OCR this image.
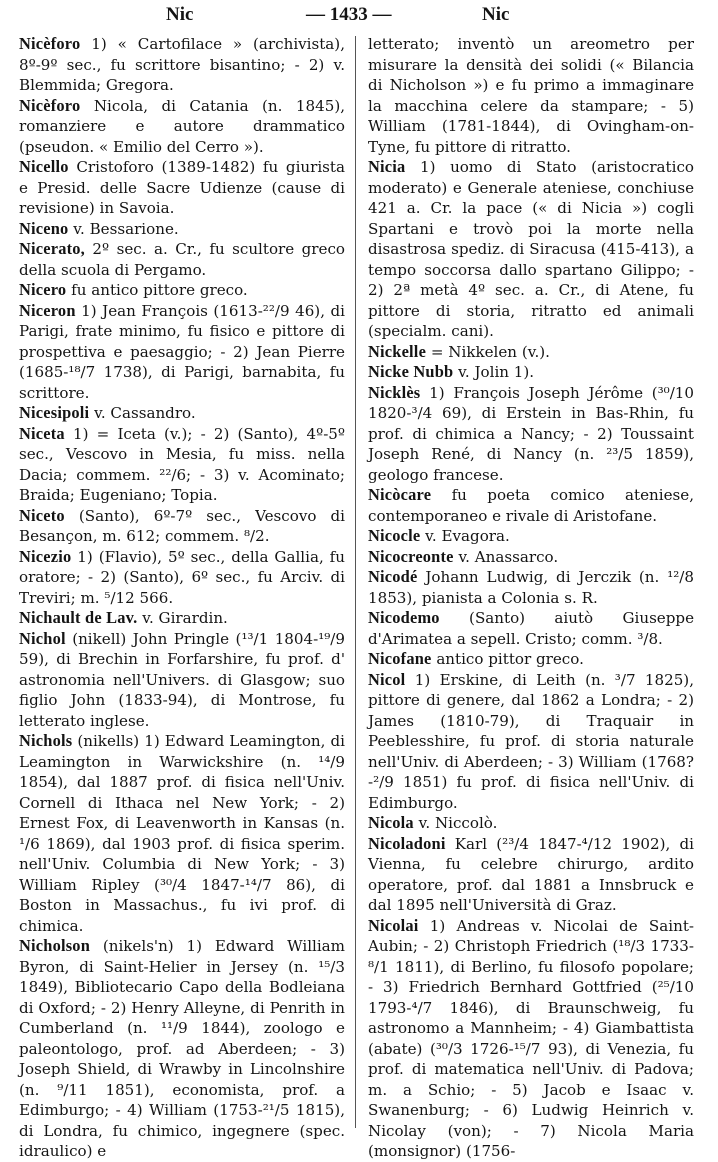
Nic	— 1433 —	Nic

Nicèforo 1) « Cartofilace » (archivista), 8º-9º sec., fu scrittore bisantino; - 2) v. Blemmida; Gregora.

Nicèforo Nicola, di Catania (n. 1845), romanziere e autore drammatico (pseudon. « Emilio del Cerro »).

Nicello Cristoforo (1389-1482) fu giurista e Presid. delle Sacre Udienze (cause di revisione) in Savoia.

Niceno v. Bessarione.

Nicerato, 2º sec. a. Cr., fu scultore greco della scuola di Pergamo.

Nicero fu antico pittore greco.

Niceron 1) Jean François (1613-²²/9 46), di Parigi, frate minimo, fu fisico e pittore di prospettiva e paesaggio; - 2) Jean Pierre (1685-¹⁸/7 1738), di Parigi, barnabita, fu scrittore.

Nicesipoli v. Cassandro.

Niceta 1) = Iceta (v.); - 2) (Santo), 4º-5º sec., Vescovo in Mesia, fu miss. nella Dacia; commem. ²²/6; - 3) v. Acominato; Braida; Eugeniano; Topia.

Niceto (Santo), 6º-7º sec., Vescovo di Besançon, m. 612; commem. ⁸/2.

Nicezio 1) (Flavio), 5º sec., della Gallia, fu oratore; - 2) (Santo), 6º sec., fu Arciv. di Treviri; m. ⁵/12 566.

Nichault de Lav. v. Girardin.

Nichol (nikell) John Pringle (¹³/1 1804-¹⁹/9 59), di Brechin in Forfarshire, fu prof. d' astronomia nell'Univers. di Glasgow; suo figlio John (1833-94), di Montrose, fu letterato inglese.

Nichols (nikells) 1) Edward Leamington, di Leamington in Warwickshire (n. ¹⁴/9 1854), dal 1887 prof. di fisica nell'Univ. Cornell di Ithaca nel New York; - 2) Ernest Fox, di Leavenworth in Kansas (n. ¹/6 1869), dal 1903 prof. di fisica sperim. nell'Univ. Columbia di New York; - 3) William Ripley (³⁰/4 1847-¹⁴/7 86), di Boston in Massachus., fu ivi prof. di chimica.

Nicholson (nikels'n) 1) Edward William Byron, di Saint-Helier in Jersey (n. ¹⁵/3 1849), Bibliotecario Capo della Bodleiana di Oxford; - 2) Henry Alleyne, di Penrith in Cumberland (n. ¹¹/9 1844), zoologo e paleontologo, prof. ad Aberdeen; - 3) Joseph Shield, di Wrawby in Lincolnshire (n. ⁹/11 1851), economista, prof. a Edimburgo; - 4) William (1753-²¹/5 1815), di Londra, fu chimico, ingegnere (spec. idraulico) e

letterato; inventò un areometro per misurare la densità dei solidi (« Bilancia di Nicholson ») e fu primo a immaginare la macchina celere da stampare; - 5) William (1781-1844), di Ovingham-on-Tyne, fu pittore di ritratto.

Nicia 1) uomo di Stato (aristocratico moderato) e Generale ateniese, conchiuse 421 a. Cr. la pace (« di Nicia ») cogli Spartani e trovò poi la morte nella disastrosa spediz. di Siracusa (415-413), a tempo soccorsa dallo spartano Gilippo; - 2) 2ª metà 4º sec. a. Cr., di Atene, fu pittore di storia, ritratto ed animali (specialm. cani).

Nickelle = Nikkelen (v.).

Nicke Nubb v. Jolin 1).

Nicklès 1) François Joseph Jérôme (³⁰/10 1820-³/4 69), di Erstein in Bas-Rhin, fu prof. di chimica a Nancy; - 2) Toussaint Joseph René, di Nancy (n. ²³/5 1859), geologo francese.

Nicòcare fu poeta comico ateniese, contemporaneo e rivale di Aristofane.

Nicocle v. Evagora.

Nicocreonte v. Anassarco.

Nicodé Johann Ludwig, di Jerczik (n. ¹²/8 1853), pianista a Colonia s. R.

Nicodemo (Santo) aiutò Giuseppe d'Arimatea a sepell. Cristo; comm. ³/8.

Nicofane antico pittor greco.

Nicol 1) Erskine, di Leith (n. ³/7 1825), pittore di genere, dal 1862 a Londra; - 2) James (1810-79), di Traquair in Peeblesshire, fu prof. di storia naturale nell'Univ. di Aberdeen; - 3) William (1768?-²/9 1851) fu prof. di fisica nell'Univ. di Edimburgo.

Nicola v. Niccolò.

Nicoladoni Karl (²³/4 1847-⁴/12 1902), di Vienna, fu celebre chirurgo, ardito operatore, prof. dal 1881 a Innsbruck e dal 1895 nell'Università di Graz.

Nicolai 1) Andreas v. Nicolai de Saint-Aubin; - 2) Christoph Friedrich (¹⁸/3 1733-⁸/1 1811), di Berlino, fu filosofo popolare; - 3) Friedrich Bernhard Gottfried (²⁵/10 1793-⁴/7 1846), di Braunschweig, fu astronomo a Mannheim; - 4) Giambattista (abate) (³⁰/3 1726-¹⁵/7 93), di Venezia, fu prof. di matematica nell'Univ. di Padova; m. a Schio; - 5) Jacob e Isaac v. Swanenburg; - 6) Ludwig Heinrich v. Nicolay (von); - 7) Nicola Maria (monsignor) (1756-
